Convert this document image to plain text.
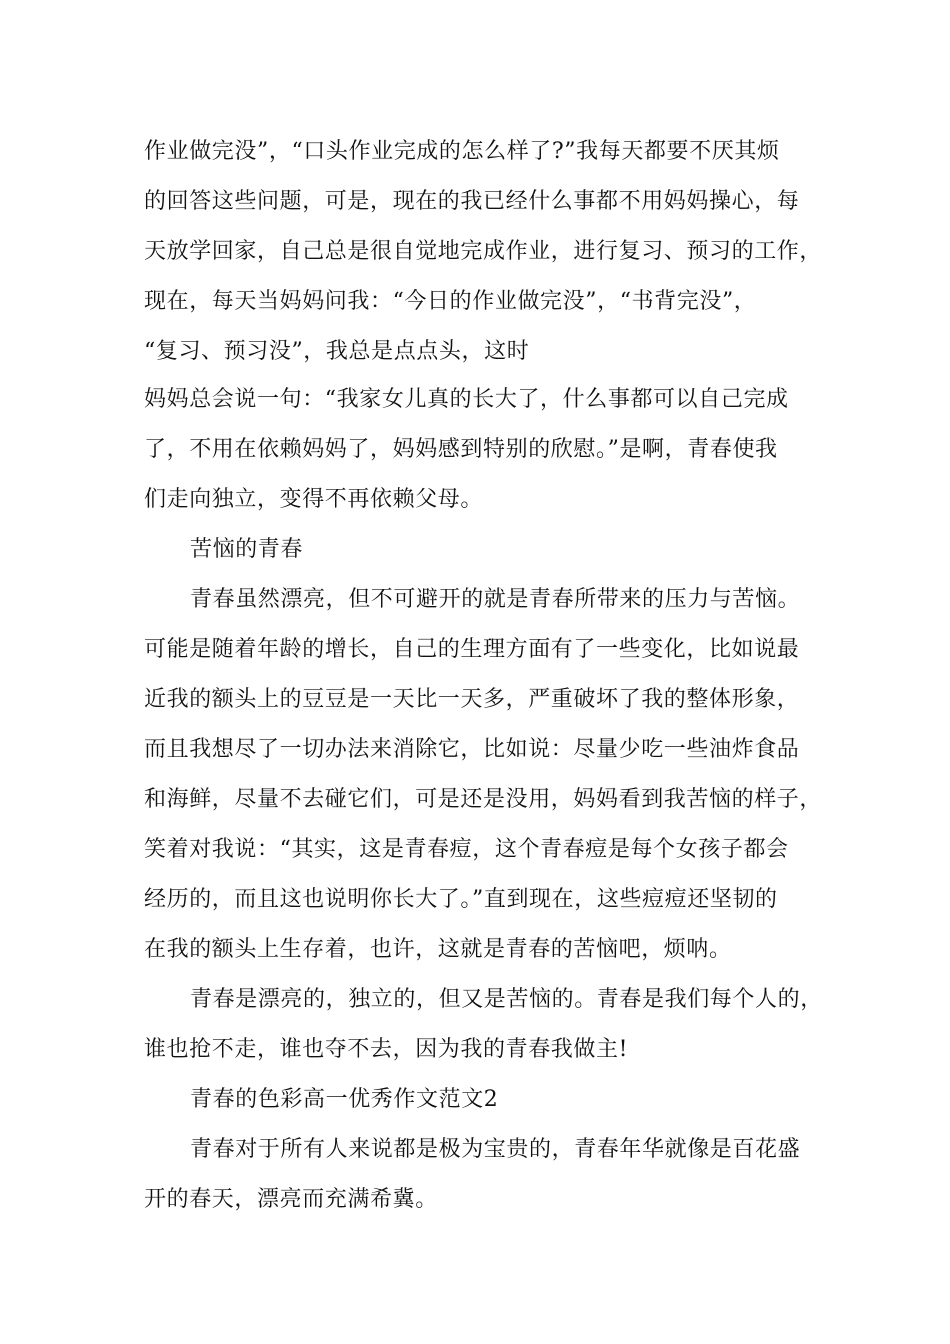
作业做完没”，“口头作业完成的怎么样了?”我每天都要不厌其烦
的回答这些问题，可是，现在的我已经什么事都不用妈妈操心，每
天放学回家，自己总是很自觉地完成作业，进行复习、预习的工作，
现在，每天当妈妈问我：“今日的作业做完没”，“书背完没”，
“复习、预习没”，我总是点点头，这时
妈妈总会说一句：“我家女儿真的长大了，什么事都可以自己完成
了，不用在依赖妈妈了，妈妈感到特别的欣慰。”是啊，青春使我
们走向独立，变得不再依赖父母。
苦恼的青春
青春虽然漂亮，但不可避开的就是青春所带来的压力与苦恼。
可能是随着年龄的增长，自己的生理方面有了一些变化，比如说最
近我的额头上的豆豆是一天比一天多，严重破坏了我的整体形象，
而且我想尽了一切办法来消除它，比如说：尽量少吃一些油炸食品
和海鲜，尽量不去碰它们，可是还是没用，妈妈看到我苦恼的样子，
笑着对我说：“其实，这是青春痘，这个青春痘是每个女孩子都会
经历的，而且这也说明你长大了。”直到现在，这些痘痘还坚韧的
在我的额头上生存着，也许，这就是青春的苦恼吧，烦呐。
青春是漂亮的，独立的，但又是苦恼的。青春是我们每个人的，
谁也抢不走，谁也夺不去，因为我的青春我做主!
青春的色彩高一优秀作文范文2
青春对于所有人来说都是极为宝贵的，青春年华就像是百花盛
开的春天，漂亮而充满希冀。
